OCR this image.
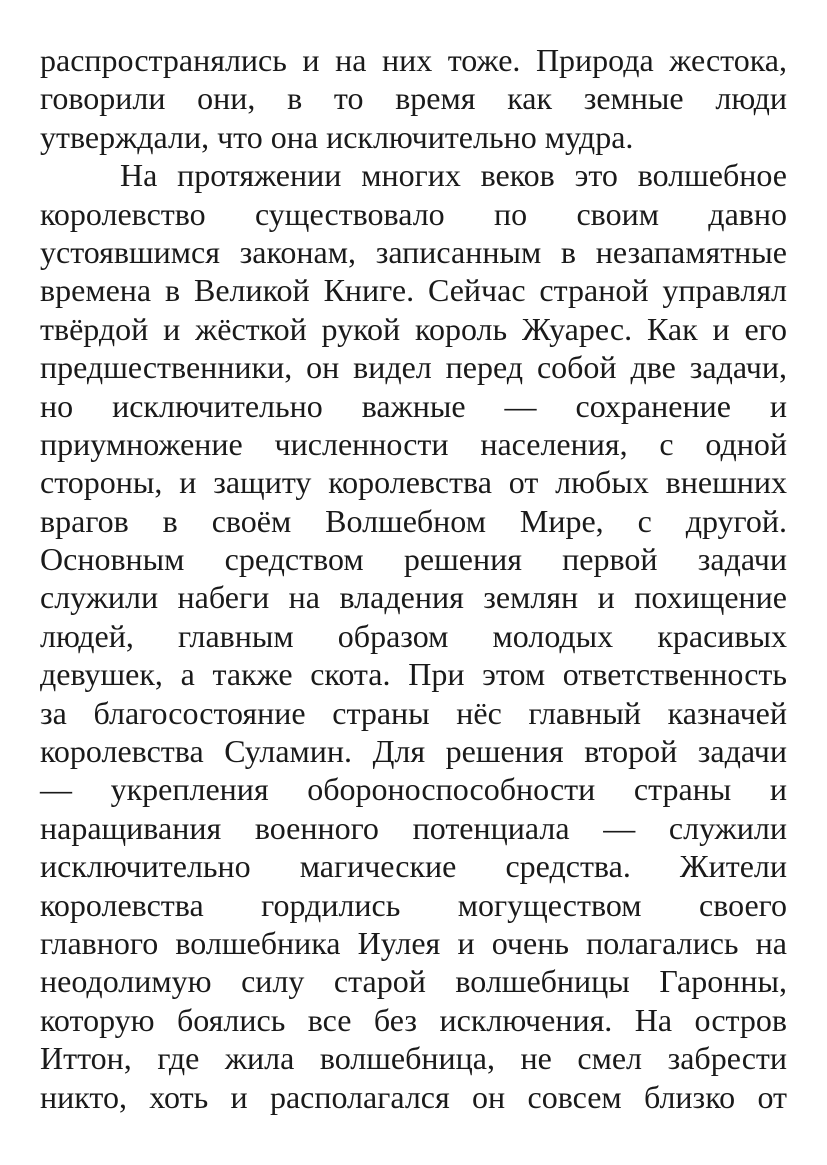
распространялись и на них тоже. Природа жестока,
говорили они, в то время как земные люди
утверждали, что она исключительно мудра.
На протяжении многих веков это волшебное
королевство существовало по своим давно
устоявшимся законам, записанным в незапамятные
времена в Великой Книге. Сейчас страной управлял
твёрдой и жёсткой рукой король Жуарес. Как и его
предшественники, он видел перед собой две задачи,
но исключительно важные — сохранение и
приумножение численности населения, с одной
стороны, и защиту королевства от любых внешних
врагов в своём Волшебном Мире, с другой.
Основным средством решения первой задачи
служили набеги на владения землян и похищение
людей, главным образом молодых красивых
девушек, а также скота. При этом ответственность
за благосостояние страны нёс главный казначей
королевства Суламин. Для решения второй задачи
— укрепления обороноспособности страны и
наращивания военного потенциала — служили
исключительно магические средства. Жители
королевства гордились могуществом своего
главного волшебника Иулея и очень полагались на
неодолимую силу старой волшебницы Гаронны,
которую боялись все без исключения. На остров
Иттон, где жила волшебница, не смел забрести
никто, хоть и располагался он совсем близко от
